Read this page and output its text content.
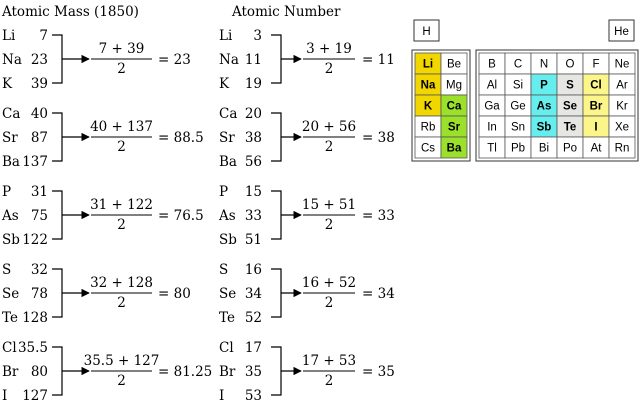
Atomic Mass (1850)	Atomic Number
Li 7
Na 23
K 39
7 + 39
2
= 23
Li 3
Na 11
K 19
3 + 19
2
= 11
Ca 40
Sr 87
Ba 137
40 + 137
2
= 88.5
Ca 20
Sr 38
Ba 56
20 + 56
2
= 38
P 31
As 75
Sb 122
31 + 122
2
= 76.5
P 15
As 33
Sb 51
15 + 51
2
= 33
S 32
Se 78
Te 128
32 + 128
2
= 80
S 16
Se 34
Te 52
16 + 52
2
= 34
Cl 35.5
Br 80
I 127
35.5 + 127
2
= 81.25
Cl 17
Br 35
I 53
17 + 53
2
= 35
H	He
Li Be
Na Mg
K Ca
Rb Sr
Cs Ba
B C N O F Ne
Al Si P S Cl Ar
Ga Ge As Se Br Kr
In Sn Sb Te I Xe
Tl Pb Bi Po At Rn
